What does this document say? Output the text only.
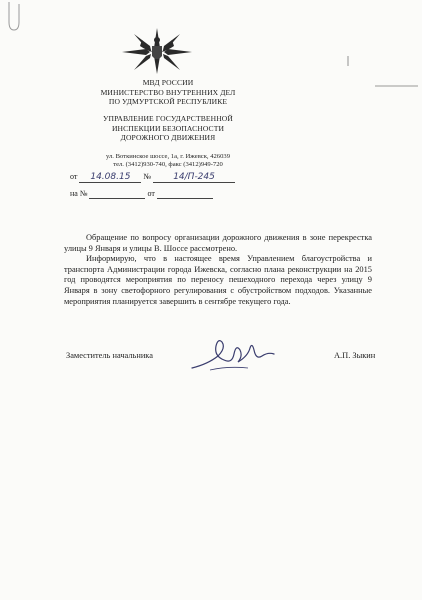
МВД РОССИИ
МИНИСТЕРСТВО ВНУТРЕННИХ ДЕЛ
ПО УДМУРТСКОЙ РЕСПУБЛИКЕ
УПРАВЛЕНИЕ ГОСУДАРСТВЕННОЙ
ИНСПЕКЦИИ БЕЗОПАСНОСТИ
ДОРОЖНОГО ДВИЖЕНИЯ
ул. Воткинское шоссе, 1а, г. Ижевск, 426039
тел. (3412)930-740, факс (3412)949-720
от 14.08.15 № 14/П-245
на №	от

Обращение по вопросу организации дорожного движения в зоне перекрестка улицы 9 Января и улицы В. Шоссе рассмотрено.

Информирую, что в настоящее время Управлением благоустройства и транспорта Администрации города Ижевска, согласно плана реконструкции на 2015 год проводятся мероприятия по переносу пешеходного перехода через улицу 9 Января в зону светофорного регулирования с обустройством подходов. Указанные мероприятия планируется завершить в сентябре текущего года.

Заместитель начальника	А.П. Зыкин
